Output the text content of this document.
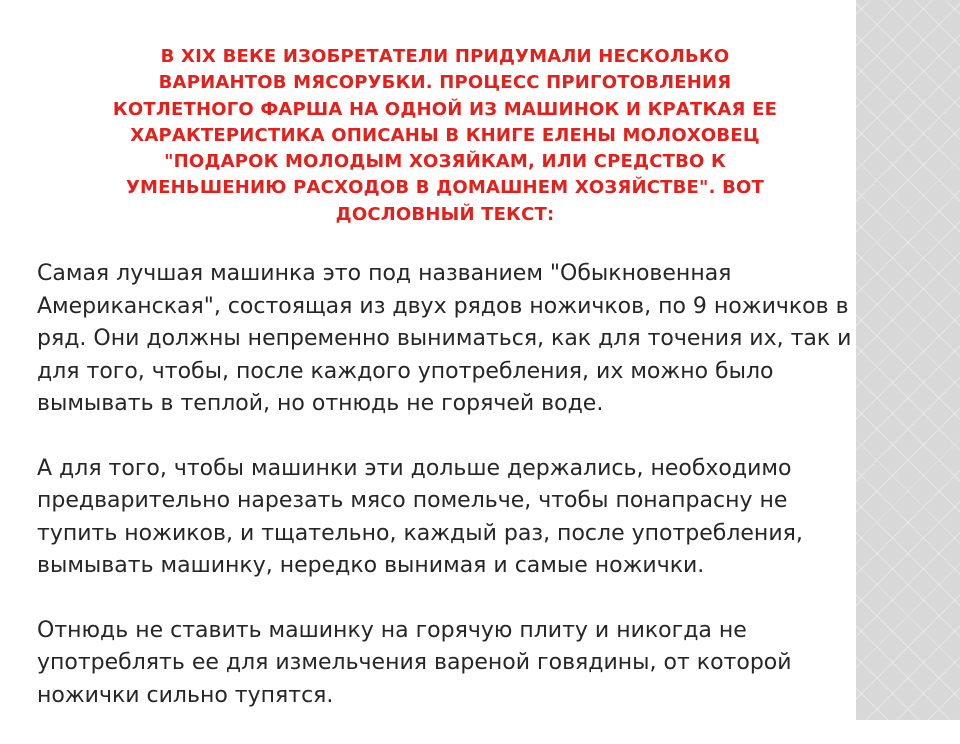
В XIX ВЕКЕ ИЗОБРЕТАТЕЛИ ПРИДУМАЛИ НЕСКОЛЬКО ВАРИАНТОВ МЯСОРУБКИ. ПРОЦЕСС ПРИГОТОВЛЕНИЯ КОТЛЕТНОГО ФАРША НА ОДНОЙ ИЗ МАШИНОК И КРАТКАЯ ЕЕ ХАРАКТЕРИСТИКА ОПИСАНЫ В КНИГЕ ЕЛЕНЫ МОЛОХОВЕЦ "ПОДАРОК МОЛОДЫМ ХОЗЯЙКАМ, ИЛИ СРЕДСТВО К УМЕНЬШЕНИЮ РАСХОДОВ В ДОМАШНЕМ ХОЗЯЙСТВЕ". ВОТ ДОСЛОВНЫЙ ТЕКСТ:

Самая лучшая машинка это под названием "Обыкновенная Американская", состоящая из двух рядов ножичков, по 9 ножичков в ряд. Они должны непременно выниматься, как для точения их, так и для того, чтобы, после каждого употребления, их можно было вымывать в теплой, но отнюдь не горячей воде.

А для того, чтобы машинки эти дольше держались, необходимо предварительно нарезать мясо помельче, чтобы понапрасну не тупить ножиков, и тщательно, каждый раз, после употребления, вымывать машинку, нередко вынимая и самые ножички.

Отнюдь не ставить машинку на горячую плиту и никогда не употреблять ее для измельчения вареной говядины, от которой ножички сильно тупятся.
